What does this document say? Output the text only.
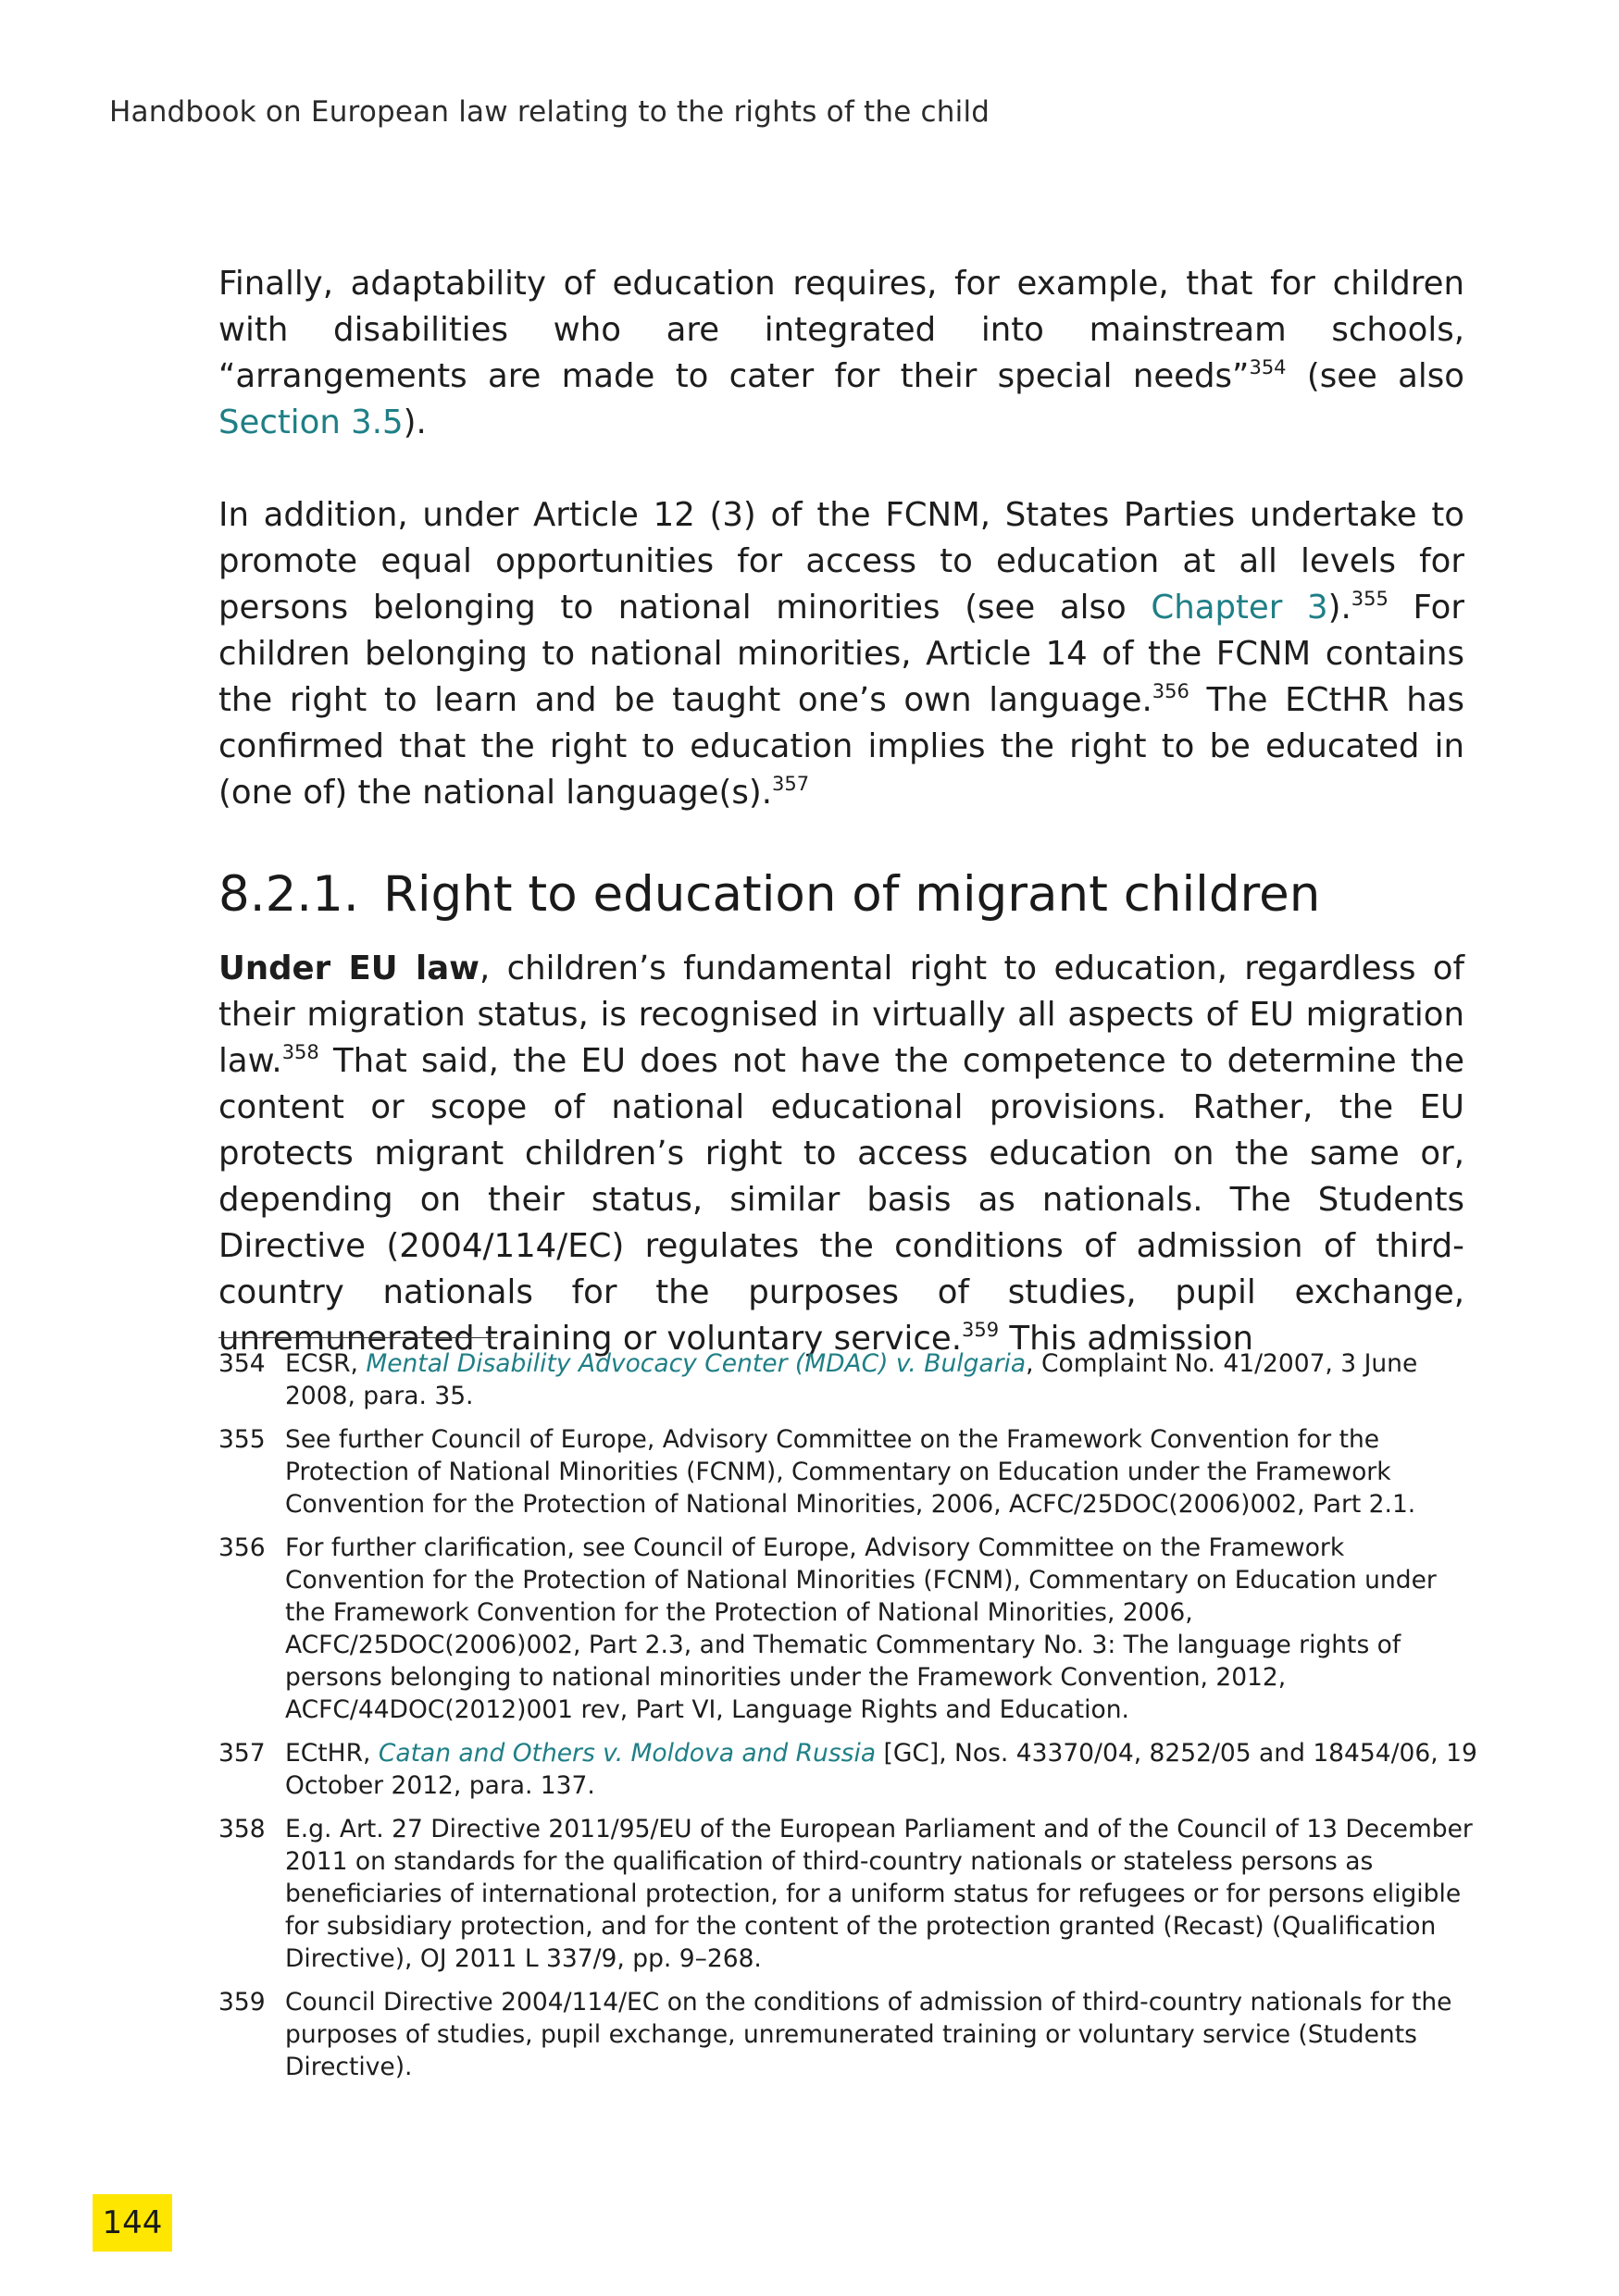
Handbook on European law relating to the rights of the child

Finally, adaptability of education requires, for example, that for children with disabilities who are integrated into mainstream schools, “arrangements are made to cater for their special needs”$^{354}$ (see also Section 3.5).

In addition, under Article 12 (3) of the FCNM, States Parties undertake to promote equal opportunities for access to education at all levels for persons belonging to national minorities (see also Chapter 3).$^{355}$ For children belonging to national minorities, Article 14 of the FCNM contains the right to learn and be taught one’s own language.$^{356}$ The ECtHR has confirmed that the right to education implies the right to be educated in (one of) the national language(s).$^{357}$

8.2.1. Right to education of migrant children

Under EU law, children’s fundamental right to education, regardless of their migration status, is recognised in virtually all aspects of EU migration law.$^{358}$ That said, the EU does not have the competence to determine the content or scope of national educational provisions. Rather, the EU protects migrant children’s right to access education on the same or, depending on their status, similar basis as nationals. The Students Directive (2004/114/EC) regulates the conditions of admission of third-country nationals for the purposes of studies, pupil exchange, unremunerated training or voluntary service.$^{359}$ This admission

354 ECSR, Mental Disability Advocacy Center (MDAC) v. Bulgaria, Complaint No. 41/2007, 3 June 2008, para. 35.
355 See further Council of Europe, Advisory Committee on the Framework Convention for the Protection of National Minorities (FCNM), Commentary on Education under the Framework Convention for the Protection of National Minorities, 2006, ACFC/25DOC(2006)002, Part 2.1.
356 For further clarification, see Council of Europe, Advisory Committee on the Framework Convention for the Protection of National Minorities (FCNM), Commentary on Education under the Framework Convention for the Protection of National Minorities, 2006, ACFC/25DOC(2006)002, Part 2.3, and Thematic Commentary No. 3: The language rights of persons belonging to national minorities under the Framework Convention, 2012, ACFC/44DOC(2012)001 rev, Part VI, Language Rights and Education.
357 ECtHR, Catan and Others v. Moldova and Russia [GC], Nos. 43370/04, 8252/05 and 18454/06, 19 October 2012, para. 137.
358 E.g. Art. 27 Directive 2011/95/EU of the European Parliament and of the Council of 13 December 2011 on standards for the qualification of third-country nationals or stateless persons as beneficiaries of international protection, for a uniform status for refugees or for persons eligible for subsidiary protection, and for the content of the protection granted (Recast) (Qualification Directive), OJ 2011 L 337/9, pp. 9–268.
359 Council Directive 2004/114/EC on the conditions of admission of third-country nationals for the purposes of studies, pupil exchange, unremunerated training or voluntary service (Students Directive).
144
